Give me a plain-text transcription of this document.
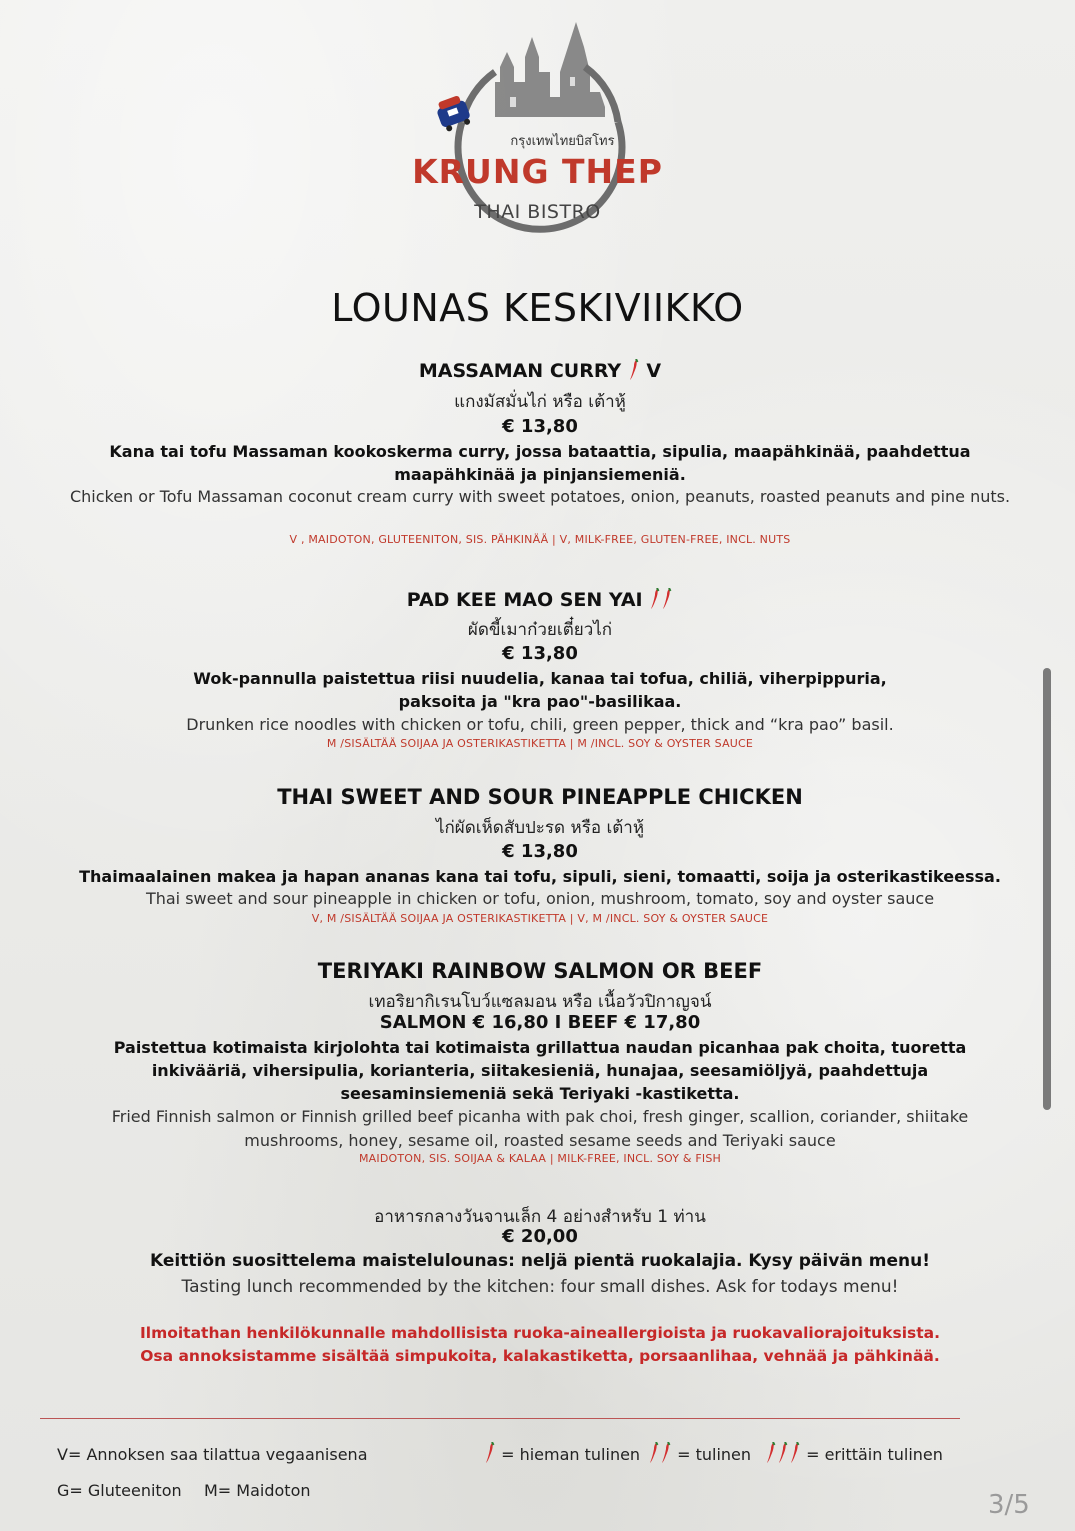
กรุงเทพไทยบิสโทร
KRUNG THEP
THAI BISTRO
LOUNAS KESKIVIIKKO
MASSAMAN CURRY V
แกงมัสมั่นไก่ หรือ เต้าหู้
€ 13,80
Kana tai tofu Massaman kookoskerma curry, jossa bataattia, sipulia, maapähkinää, paahdettua maapähkinää ja pinjansiemeniä.
Chicken or Tofu Massaman coconut cream curry with sweet potatoes, onion, peanuts, roasted peanuts and pine nuts.
V , MAIDOTON, GLUTEENITON, SIS. PÄHKINÄÄ | V, MILK-FREE, GLUTEN-FREE, INCL. NUTS
PAD KEE MAO SEN YAI
ผัดขี้เมาก๋วยเตี๋ยวไก่
€ 13,80
Wok-pannulla paistettua riisi nuudelia, kanaa tai tofua, chiliä, viherpippuria, paksoita ja "kra pao"-basilikaa.
Drunken rice noodles with chicken or tofu, chili, green pepper, thick and “kra pao” basil.
M /SISÄLTÄÄ SOIJAA JA OSTERIKASTIKETTA | M /INCL. SOY & OYSTER SAUCE
THAI SWEET AND SOUR PINEAPPLE CHICKEN
ไก่ผัดเห็ดสับปะรด หรือ เต้าหู้
€ 13,80
Thaimaalainen makea ja hapan ananas kana tai tofu, sipuli, sieni, tomaatti, soija ja osterikastikeessa.
Thai sweet and sour pineapple in chicken or tofu, onion, mushroom, tomato, soy and oyster sauce
V, M /SISÄLTÄÄ SOIJAA JA OSTERIKASTIKETTA | V, M /INCL. SOY & OYSTER SAUCE
TERIYAKI RAINBOW SALMON OR BEEF
เทอริยากิเรนโบว์แซลมอน หรือ เนื้อวัวปิกาญจน์
SALMON € 16,80 I BEEF € 17,80
Paistettua kotimaista kirjolohta tai kotimaista grillattua naudan picanhaa pak choita, tuoretta inkivääriä, vihersipulia, korianteria, siitakesieniä, hunajaa, seesamiöljyä, paahdettuja seesaminsiemeniä sekä Teriyaki -kastiketta.
Fried Finnish salmon or Finnish grilled beef picanha with pak choi, fresh ginger, scallion, coriander, shiitake mushrooms, honey, sesame oil, roasted sesame seeds and Teriyaki sauce
MAIDOTON, SIS. SOIJAA & KALAA | MILK-FREE, INCL. SOY & FISH
อาหารกลางวันจานเล็ก 4 อย่างสำหรับ 1 ท่าน
€ 20,00
Keittiön suosittelema maistelulounas: neljä pientä ruokalajia. Kysy päivän menu!
Tasting lunch recommended by the kitchen: four small dishes. Ask for todays menu!
Ilmoitathan henkilökunnalle mahdollisista ruoka-aineallergioista ja ruokavaliorajoituksista.
Osa annoksistamme sisältää simpukoita, kalakastiketta, porsaanlihaa, vehnää ja pähkinää.
V= Annoksen saa tilattua vegaanisena
G= Gluteeniton M= Maidoton
= hieman tulinen	= tulinen	= erittäin tulinen
3/5
